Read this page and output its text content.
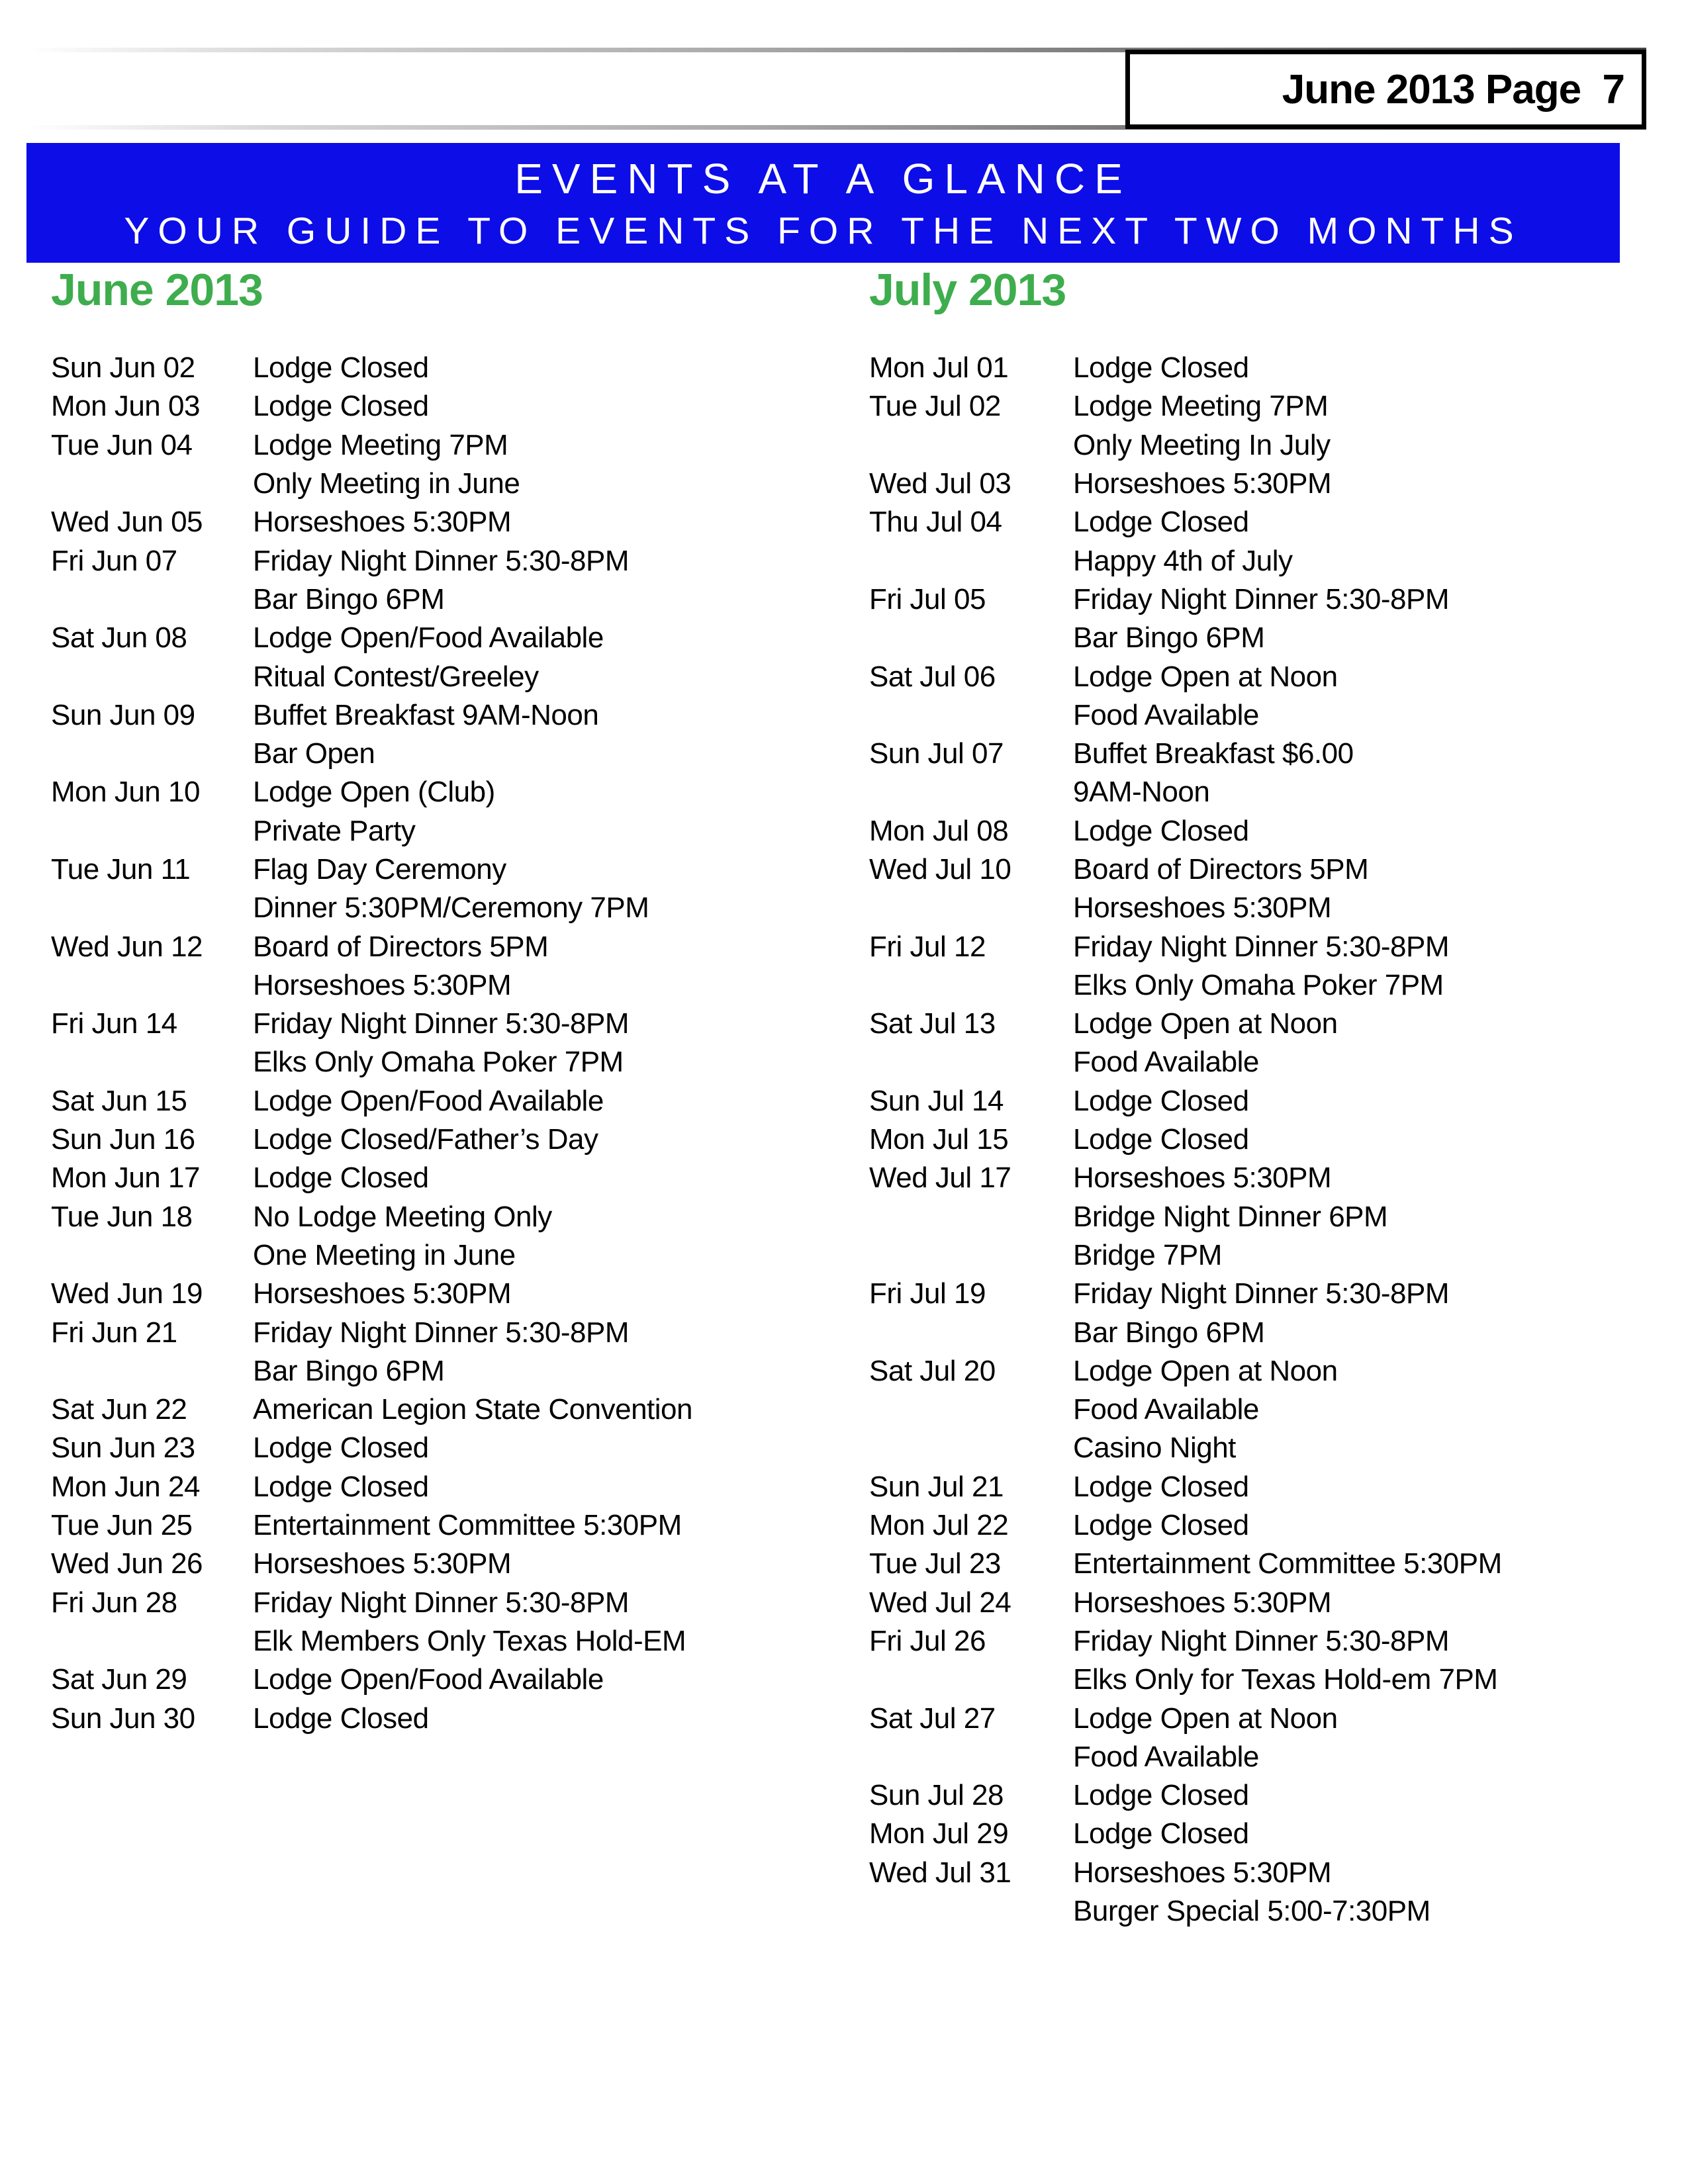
June 2013 Page  7
EVENTS AT A GLANCE
YOUR GUIDE TO EVENTS FOR THE NEXT TWO MONTHS
June 2013	July 2013
Sun Jun 02	Lodge Closed
Mon Jun 03	Lodge Closed
Tue Jun 04	Lodge Meeting 7PM
Only Meeting in June
Wed Jun 05	Horseshoes 5:30PM
Fri Jun 07	Friday Night Dinner 5:30-8PM
Bar Bingo 6PM
Sat Jun 08	Lodge Open/Food Available
Ritual Contest/Greeley
Sun Jun 09	Buffet Breakfast 9AM-Noon
Bar Open
Mon Jun 10	Lodge Open (Club)
Private Party
Tue Jun 11	Flag Day Ceremony
Dinner 5:30PM/Ceremony 7PM
Wed Jun 12	Board of Directors 5PM
Horseshoes 5:30PM
Fri Jun 14	Friday Night Dinner 5:30-8PM
Elks Only Omaha Poker 7PM
Sat Jun 15	Lodge Open/Food Available
Sun Jun 16	Lodge Closed/Father’s Day
Mon Jun 17	Lodge Closed
Tue Jun 18	No Lodge Meeting Only
One Meeting in June
Wed Jun 19	Horseshoes 5:30PM
Fri Jun 21	Friday Night Dinner 5:30-8PM
Bar Bingo 6PM
Sat Jun 22	American Legion State Convention
Sun Jun 23	Lodge Closed
Mon Jun 24	Lodge Closed
Tue Jun 25	Entertainment Committee 5:30PM
Wed Jun 26	Horseshoes 5:30PM
Fri Jun 28	Friday Night Dinner 5:30-8PM
Elk Members Only Texas Hold-EM
Sat Jun 29	Lodge Open/Food Available
Sun Jun 30	Lodge Closed
Mon Jul 01	Lodge Closed
Tue Jul 02	Lodge Meeting 7PM
Only Meeting In July
Wed Jul 03	Horseshoes 5:30PM
Thu Jul 04	Lodge Closed
Happy 4th of July
Fri Jul 05	Friday Night Dinner 5:30-8PM
Bar Bingo 6PM
Sat Jul 06	Lodge Open at Noon
Food Available
Sun Jul 07	Buffet Breakfast $6.00
9AM-Noon
Mon Jul 08	Lodge Closed
Wed Jul 10	Board of Directors 5PM
Horseshoes 5:30PM
Fri Jul 12	Friday Night Dinner 5:30-8PM
Elks Only Omaha Poker 7PM
Sat Jul 13	Lodge Open at Noon
Food Available
Sun Jul 14	Lodge Closed
Mon Jul 15	Lodge Closed
Wed Jul 17	Horseshoes 5:30PM
Bridge Night Dinner 6PM
Bridge 7PM
Fri Jul 19	Friday Night Dinner 5:30-8PM
Bar Bingo 6PM
Sat Jul 20	Lodge Open at Noon
Food Available
Casino Night
Sun Jul 21	Lodge Closed
Mon Jul 22	Lodge Closed
Tue Jul 23	Entertainment Committee 5:30PM
Wed Jul 24	Horseshoes 5:30PM
Fri Jul 26	Friday Night Dinner 5:30-8PM
Elks Only for Texas Hold-em 7PM
Sat Jul 27	Lodge Open at Noon
Food Available
Sun Jul 28	Lodge Closed
Mon Jul 29	Lodge Closed
Wed Jul 31	Horseshoes 5:30PM
Burger Special 5:00-7:30PM
